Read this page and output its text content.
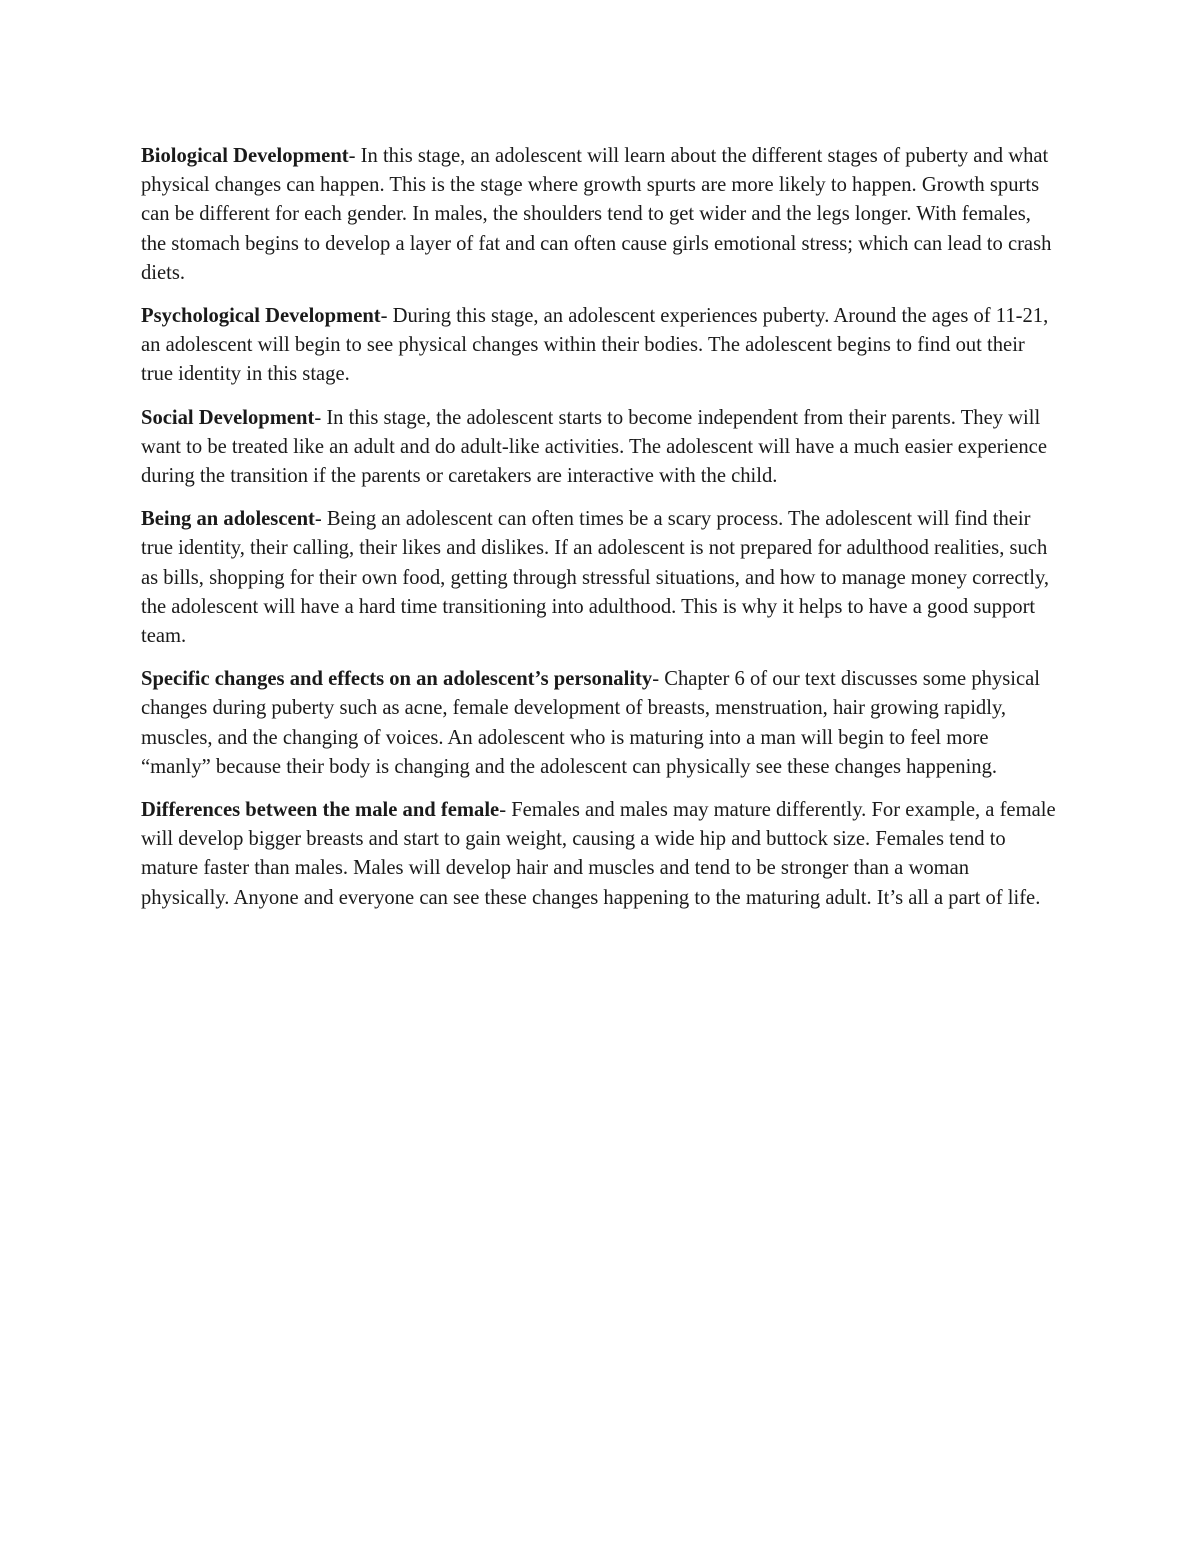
Biological Development- In this stage, an adolescent will learn about the different stages of puberty and what physical changes can happen. This is the stage where growth spurts are more likely to happen. Growth spurts can be different for each gender. In males, the shoulders tend to get wider and the legs longer. With females, the stomach begins to develop a layer of fat and can often cause girls emotional stress; which can lead to crash diets.

Psychological Development- During this stage, an adolescent experiences puberty. Around the ages of 11-21, an adolescent will begin to see physical changes within their bodies. The adolescent begins to find out their true identity in this stage.

Social Development- In this stage, the adolescent starts to become independent from their parents. They will want to be treated like an adult and do adult-like activities. The adolescent will have a much easier experience during the transition if the parents or caretakers are interactive with the child.

Being an adolescent- Being an adolescent can often times be a scary process. The adolescent will find their true identity, their calling, their likes and dislikes. If an adolescent is not prepared for adulthood realities, such as bills, shopping for their own food, getting through stressful situations, and how to manage money correctly, the adolescent will have a hard time transitioning into adulthood. This is why it helps to have a good support team.

Specific changes and effects on an adolescent’s personality- Chapter 6 of our text discusses some physical changes during puberty such as acne, female development of breasts, menstruation, hair growing rapidly, muscles, and the changing of voices. An adolescent who is maturing into a man will begin to feel more “manly” because their body is changing and the adolescent can physically see these changes happening.

Differences between the male and female- Females and males may mature differently. For example, a female will develop bigger breasts and start to gain weight, causing a wide hip and buttock size. Females tend to mature faster than males. Males will develop hair and muscles and tend to be stronger than a woman physically. Anyone and everyone can see these changes happening to the maturing adult. It’s all a part of life.
